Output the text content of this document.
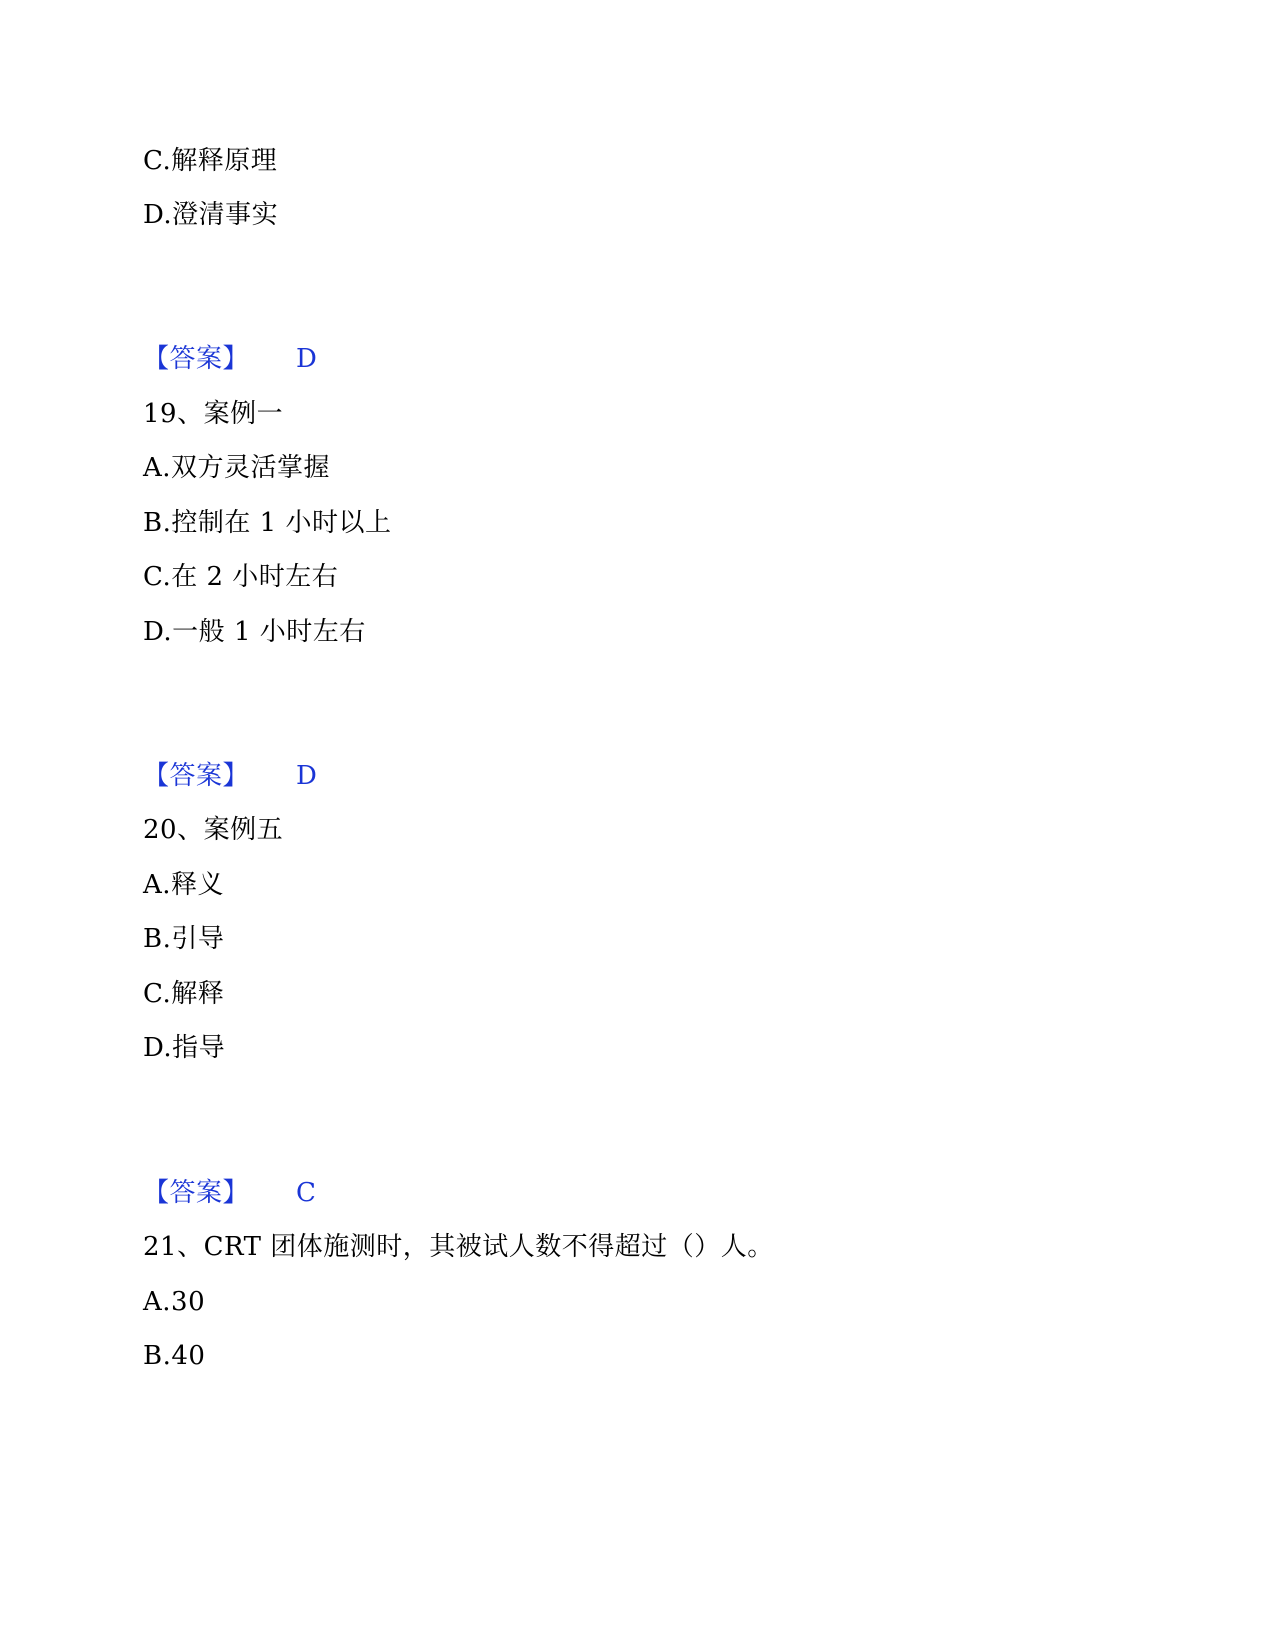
C.解释原理
D.澄清事实
【答案】 D
19、案例一
A.双方灵活掌握
B.控制在 1 小时以上
C.在 2 小时左右
D.一般 1 小时左右
【答案】 D
20、案例五
A.释义
B.引导
C.解释
D.指导
【答案】 C
21、CRT 团体施测时，其被试人数不得超过（）人。
A.30
B.40
